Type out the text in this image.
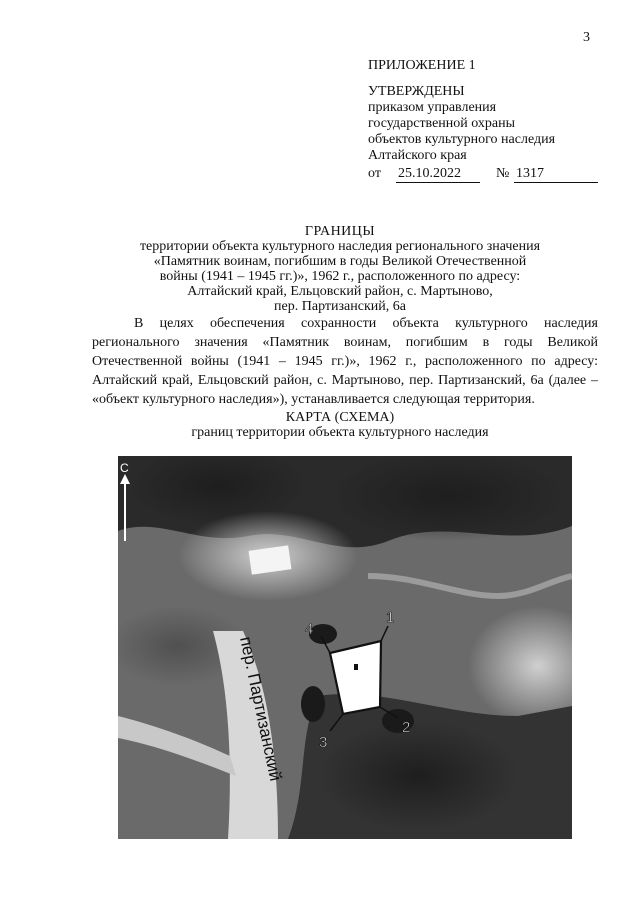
3
ПРИЛОЖЕНИЕ 1
УТВЕРЖДЕНЫ
приказом управления
государственной охраны
объектов культурного наследия
Алтайского края
от 25.10.2022	№ 1317
ГРАНИЦЫ
территории объекта культурного наследия регионального значения
«Памятник воинам, погибшим в годы Великой Отечественной
войны (1941 – 1945 гг.)», 1962 г., расположенного по адресу:
Алтайский край, Ельцовский район, с. Мартыново,
пер. Партизанский, 6а
В целях обеспечения сохранности объекта культурного наследия регионального значения «Памятник воинам, погибшим в годы Великой Отечественной войны (1941 – 1945 гг.)», 1962 г., расположенного по адресу: Алтайский край, Ельцовский район, с. Мартыново, пер. Партизанский, 6а (далее – «объект культурного наследия»), устанавливается следующая территория.
КАРТА (СХЕМА)
границ территории объекта культурного наследия
1
2
3
4
С
пер. Партизанский
